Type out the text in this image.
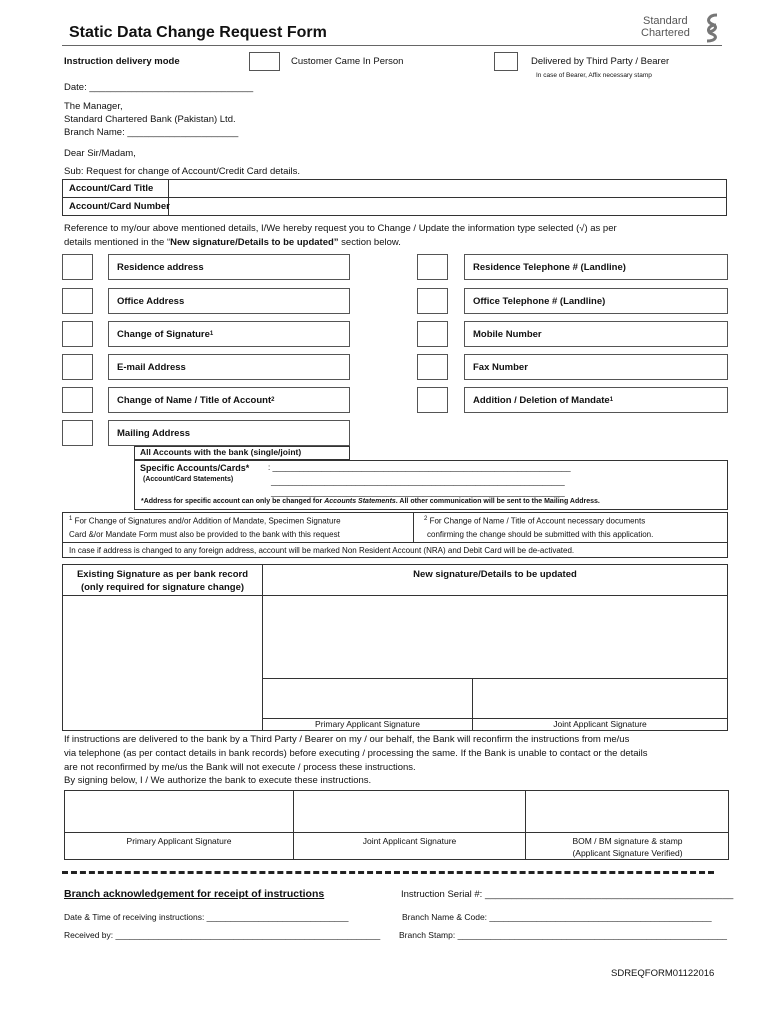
Static Data Change Request Form
Standard
Chartered
Instruction delivery mode	Customer Came In Person	Delivered by Third Party / Bearer
In case of Bearer, Affix necessary stamp
Date: _______________________________
The Manager,
Standard Chartered Bank (Pakistan) Ltd.
Branch Name: _____________________
Dear Sir/Madam,
Sub: Request for change of Account/Credit Card details.
Account/Card Title
Account/Card Number
Reference to my/our above mentioned details, I/We hereby request you to Change / Update the information type selected (√) as per
details mentioned in the “New signature/Details to be updated” section below.
Residence address	Residence Telephone # (Landline)
Office Address	Office Telephone # (Landline)
Change of Signature 1	Mobile Number
E-mail Address	Fax Number
Change of Name / Title of Account 2	Addition / Deletion of Mandate 1
Mailing Address
All Accounts with the bank (single/joint)
Specific Accounts/Cards* : ___________________________________________________________________
(Account/Card Statements)	__________________________________________________________________
__________________________________________________________________
*Address for specific account can only be changed for Accounts Statements. All other communication will be sent to the Mailing Address.
$^1$ For Change of Signatures and/or Addition of Mandate, Specimen Signature
Card &/or Mandate Form must also be provided to the bank with this request
$^2$ For Change of Name / Title of Account necessary documents
confirming the change should be submitted with this application.
In case if address is changed to any foreign address, account will be marked Non Resident Account (NRA) and Debit Card will be de-activated.
Existing Signature as per bank record
(only required for signature change)
New signature/Details to be updated
Primary Applicant Signature	Joint Applicant Signature
If instructions are delivered to the bank by a Third Party / Bearer on my / our behalf, the Bank will reconfirm the instructions from me/us
via telephone (as per contact details in bank records) before executing / processing the same. If the Bank is unable to contact or the details
are not reconfirmed by me/us the Bank will not execute / process these instructions.
By signing below, I / We authorize the bank to execute these instructions.
Primary Applicant Signature	Joint Applicant Signature	BOM / BM signature & stamp
(Applicant Signature Verified)
Branch acknowledgement for receipt of instructions	Instruction Serial #: _______________________________________________
Date & Time of receiving instructions: ______________________________	Branch Name & Code: _______________________________________________
Received by: ________________________________________________________ Branch Stamp: _________________________________________________________
SDREQFORM01122016
